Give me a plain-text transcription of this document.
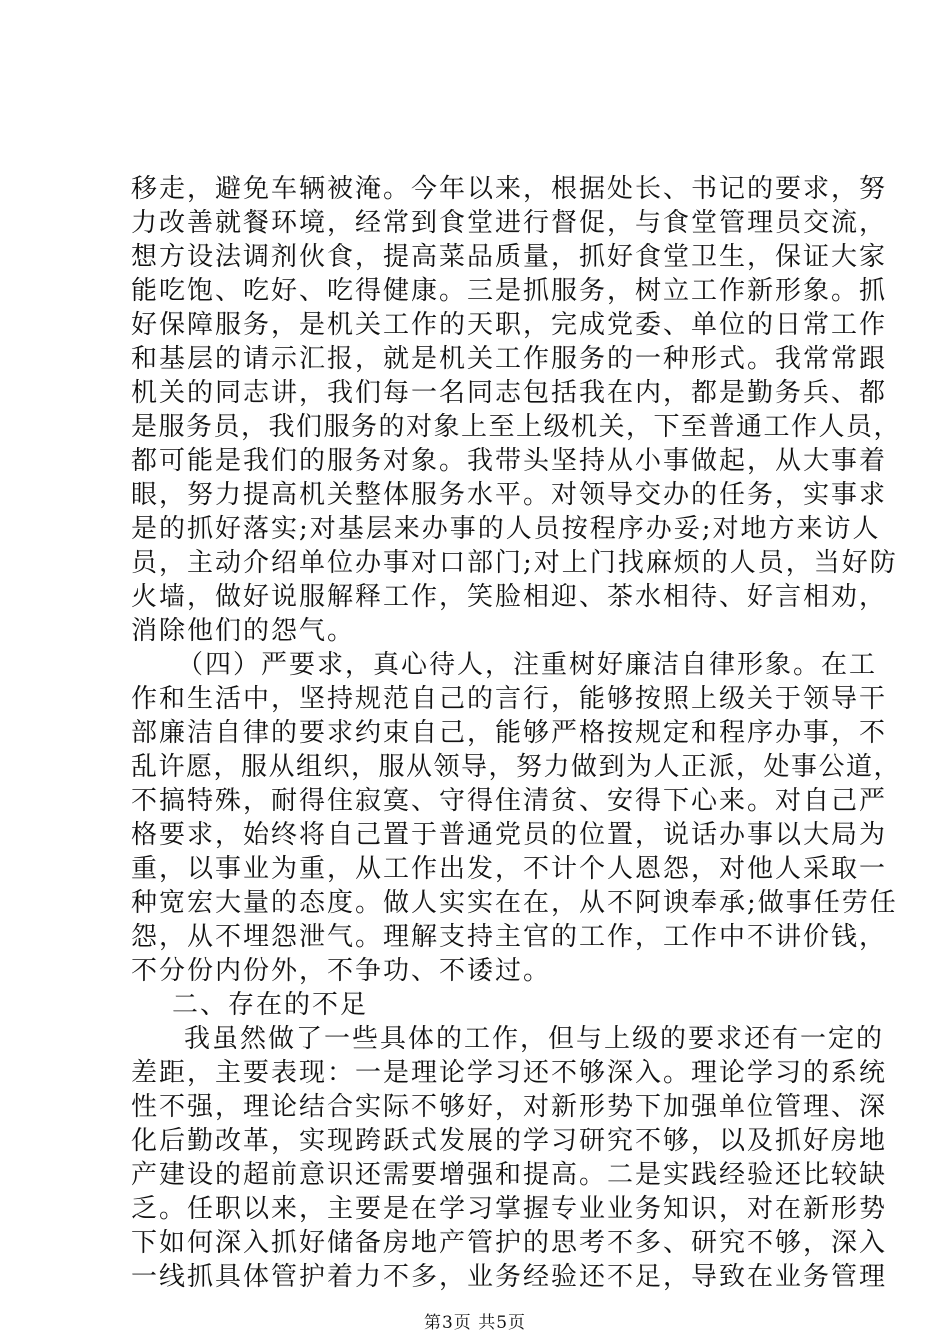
移走，避免车辆被淹。今年以来，根据处长、书记的要求，努
力改善就餐环境，经常到食堂进行督促，与食堂管理员交流，
想方设法调剂伙食，提高菜品质量，抓好食堂卫生，保证大家
能吃饱、吃好、吃得健康。三是抓服务，树立工作新形象。抓
好保障服务，是机关工作的天职，完成党委、单位的日常工作
和基层的请示汇报，就是机关工作服务的一种形式。我常常跟
机关的同志讲，我们每一名同志包括我在内，都是勤务兵、都
是服务员，我们服务的对象上至上级机关，下至普通工作人员，
都可能是我们的服务对象。我带头坚持从小事做起，从大事着
眼，努力提高机关整体服务水平。对领导交办的任务，实事求
是的抓好落实;对基层来办事的人员按程序办妥;对地方来访人
员，主动介绍单位办事对口部门;对上门找麻烦的人员，当好防
火墙，做好说服解释工作，笑脸相迎、茶水相待、好言相劝，
消除他们的怨气。
（四）严要求，真心待人，注重树好廉洁自律形象。在工
作和生活中，坚持规范自己的言行，能够按照上级关于领导干
部廉洁自律的要求约束自己，能够严格按规定和程序办事，不
乱许愿，服从组织，服从领导，努力做到为人正派，处事公道，
不搞特殊，耐得住寂寞、守得住清贫、安得下心来。对自己严
格要求，始终将自己置于普通党员的位置，说话办事以大局为
重，以事业为重，从工作出发，不计个人恩怨，对他人采取一
种宽宏大量的态度。做人实实在在，从不阿谀奉承;做事任劳任
怨，从不埋怨泄气。理解支持主官的工作，工作中不讲价钱，
不分份内份外，不争功、不诿过。
二、存在的不足
我虽然做了一些具体的工作，但与上级的要求还有一定的
差距，主要表现：一是理论学习还不够深入。理论学习的系统
性不强，理论结合实际不够好，对新形势下加强单位管理、深
化后勤改革，实现跨跃式发展的学习研究不够，以及抓好房地
产建设的超前意识还需要增强和提高。二是实践经验还比较缺
乏。任职以来，主要是在学习掌握专业业务知识，对在新形势
下如何深入抓好储备房地产管护的思考不多、研究不够，深入
一线抓具体管护着力不多，业务经验还不足，导致在业务管理
第3页 共5页
